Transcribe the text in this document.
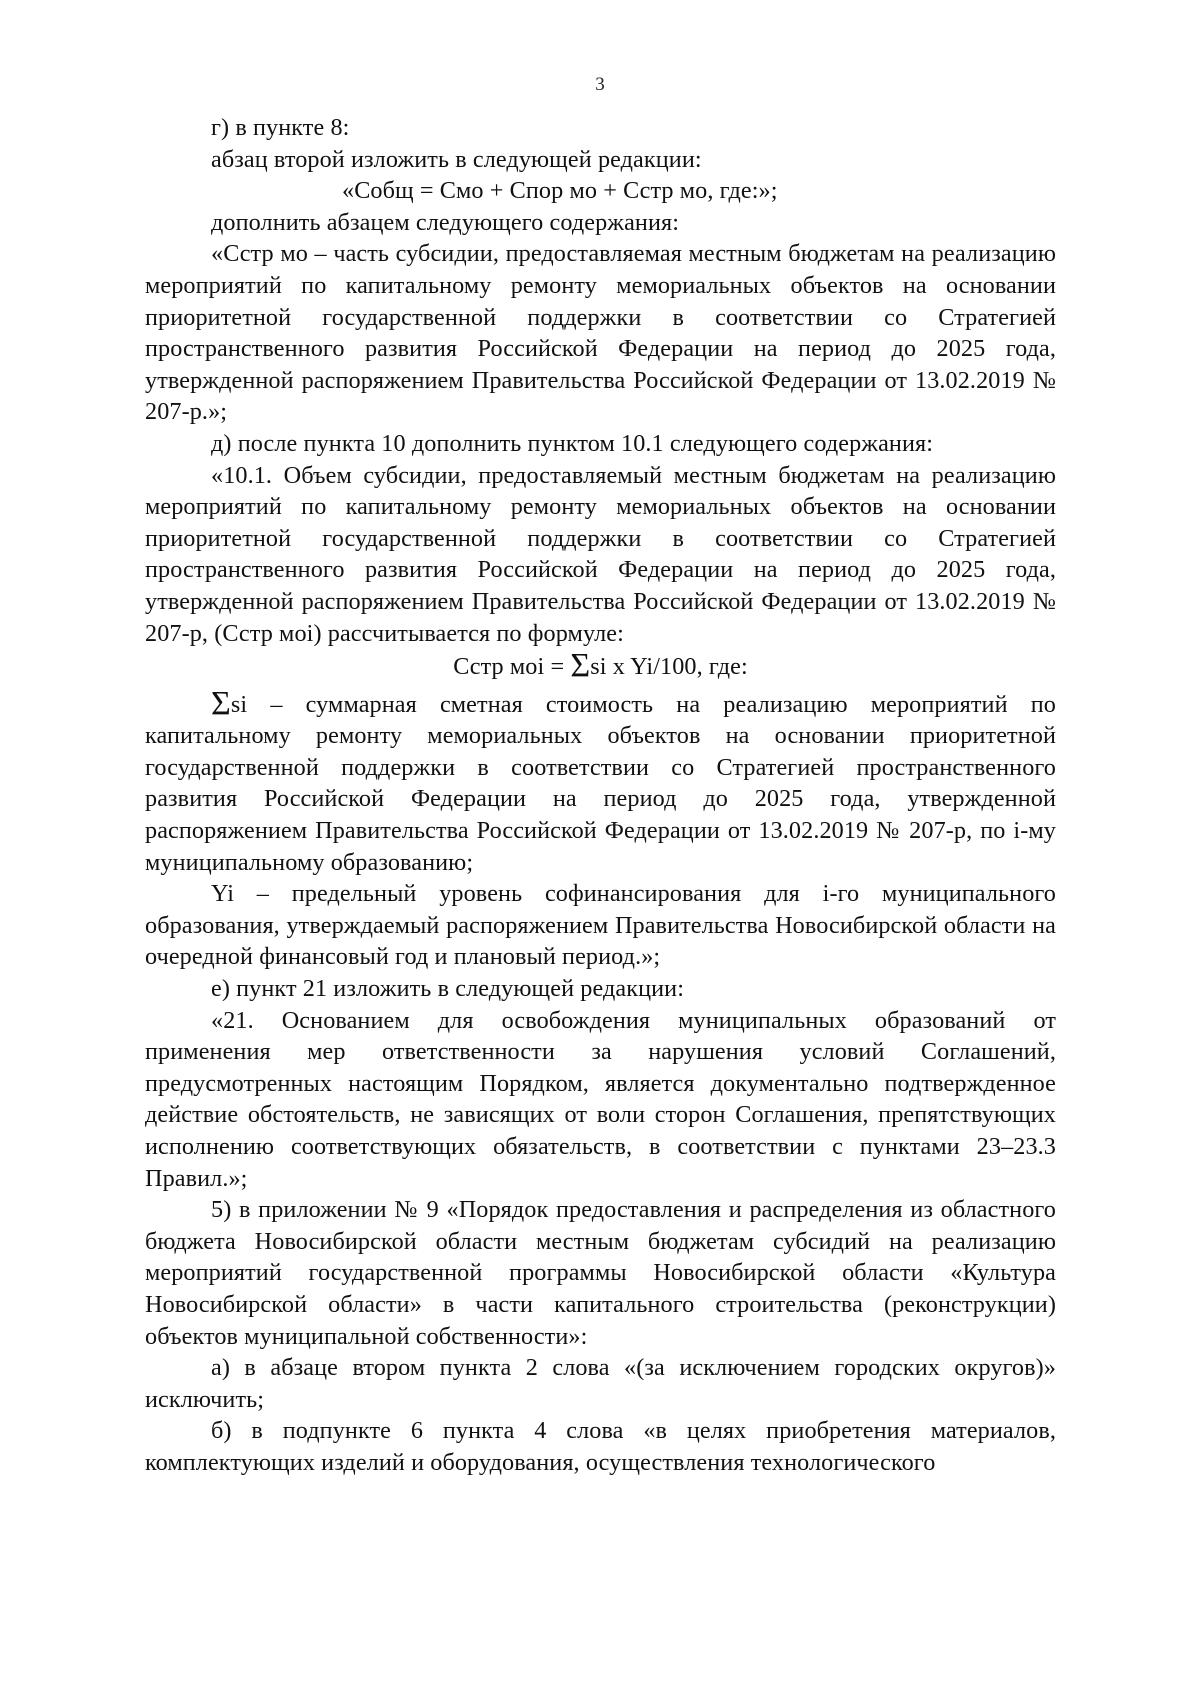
3

г) в пункте 8:

абзац второй изложить в следующей редакции:

«Собщ = Смо + Спор мо + Сстр мо, где:»;

дополнить абзацем следующего содержания:

«Сстр мо – часть субсидии, предоставляемая местным бюджетам на реализацию мероприятий по капитальному ремонту мемориальных объектов на основании приоритетной государственной поддержки в соответствии со Стратегией пространственного развития Российской Федерации на период до 2025 года, утвержденной распоряжением Правительства Российской Федерации от 13.02.2019 № 207-р.»;

д) после пункта 10 дополнить пунктом 10.1 следующего содержания:

«10.1. Объем субсидии, предоставляемый местным бюджетам на реализацию мероприятий по капитальному ремонту мемориальных объектов на основании приоритетной государственной поддержки в соответствии со Стратегией пространственного развития Российской Федерации на период до 2025 года, утвержденной распоряжением Правительства Российской Федерации от 13.02.2019 № 207-р, (Сстр моi) рассчитывается по формуле:

Сстр моi = Σsi x Yi/100, где:

Σsi – суммарная сметная стоимость на реализацию мероприятий по капитальному ремонту мемориальных объектов на основании приоритетной государственной поддержки в соответствии со Стратегией пространственного развития Российской Федерации на период до 2025 года, утвержденной распоряжением Правительства Российской Федерации от 13.02.2019 № 207-р, по i-му муниципальному образованию;

Yi – предельный уровень софинансирования для i-го муниципального образования, утверждаемый распоряжением Правительства Новосибирской области на очередной финансовый год и плановый период.»;

е) пункт 21 изложить в следующей редакции:

«21. Основанием для освобождения муниципальных образований от применения мер ответственности за нарушения условий Соглашений, предусмотренных настоящим Порядком, является документально подтвержденное действие обстоятельств, не зависящих от воли сторон Соглашения, препятствующих исполнению соответствующих обязательств, в соответствии с пунктами 23–23.3 Правил.»;

5) в приложении № 9 «Порядок предоставления и распределения из областного бюджета Новосибирской области местным бюджетам субсидий на реализацию мероприятий государственной программы Новосибирской области «Культура Новосибирской области» в части капитального строительства (реконструкции) объектов муниципальной собственности»:

а) в абзаце втором пункта 2 слова «(за исключением городских округов)» исключить;

б) в подпункте 6 пункта 4 слова «в целях приобретения материалов, комплектующих изделий и оборудования, осуществления технологического
